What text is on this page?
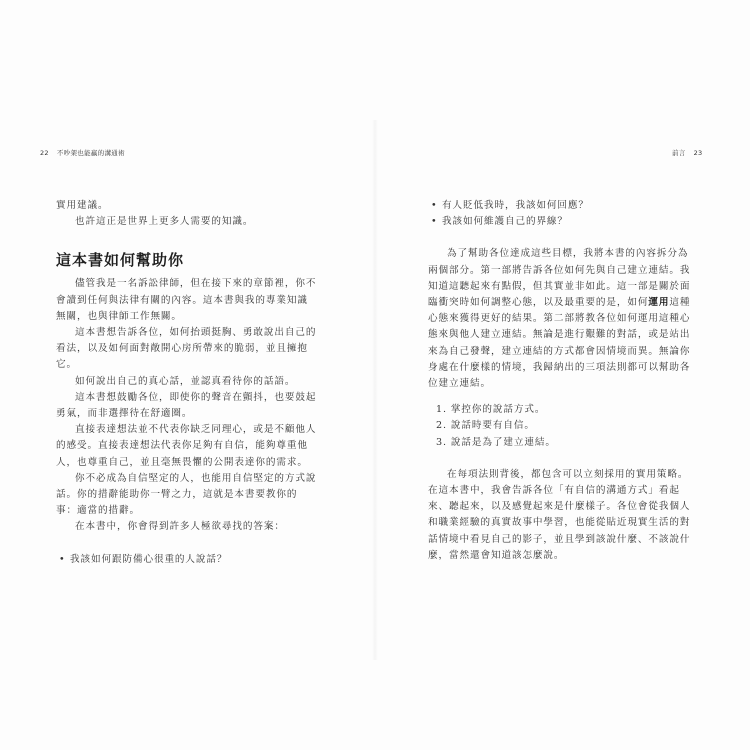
22 不吵架也能贏的溝通術	前言 23

實用建議。

也許這正是世界上更多人需要的知識。

這本書如何幫助你

儘管我是一名訴訟律師，但在接下來的章節裡，你不會讀到任何與法律有關的內容。這本書與我的專業知識無關，也與律師工作無關。

這本書想告訴各位，如何抬頭挺胸、勇敢說出自己的看法，以及如何面對敞開心房所帶來的脆弱，並且擁抱它。

如何說出自己的真心話，並認真看待你的話語。

這本書想鼓勵各位，即使你的聲音在顫抖，也要鼓起勇氣，而非選擇待在舒適圈。

直接表達想法並不代表你缺乏同理心，或是不顧他人的感受。直接表達想法代表你足夠有自信，能夠尊重他人，也尊重自己，並且毫無畏懼的公開表達你的需求。

你不必成為自信堅定的人，也能用自信堅定的方式說話。你的措辭能助你一臂之力，這就是本書要教你的事：適當的措辭。

在本書中，你會得到許多人極欲尋找的答案：

• 我該如何跟防備心很重的人說話？
• 有人貶低我時，我該如何回應？
• 我該如何維護自己的界線？

為了幫助各位達成這些目標，我將本書的內容拆分為兩個部分。第一部將告訴各位如何先與自己建立連結。我知道這聽起來有點假，但其實並非如此。這一部是關於面臨衝突時如何調整心態，以及最重要的是，如何運用這種心態來獲得更好的結果。第二部將教各位如何運用這種心態來與他人建立連結。無論是進行艱難的對話，或是站出來為自己發聲，建立連結的方式都會因情境而異。無論你身處在什麼樣的情境，我歸納出的三項法則都可以幫助各位建立連結。

1. 掌控你的說話方式。
2. 說話時要有自信。
3. 說話是為了建立連結。

在每項法則背後，都包含可以立刻採用的實用策略。在這本書中，我會告訴各位「有自信的溝通方式」看起來、聽起來，以及感覺起來是什麼樣子。各位會從我個人和職業經驗的真實故事中學習，也能從貼近現實生活的對話情境中看見自己的影子，並且學到該說什麼、不該說什麼，當然還會知道該怎麼說。
